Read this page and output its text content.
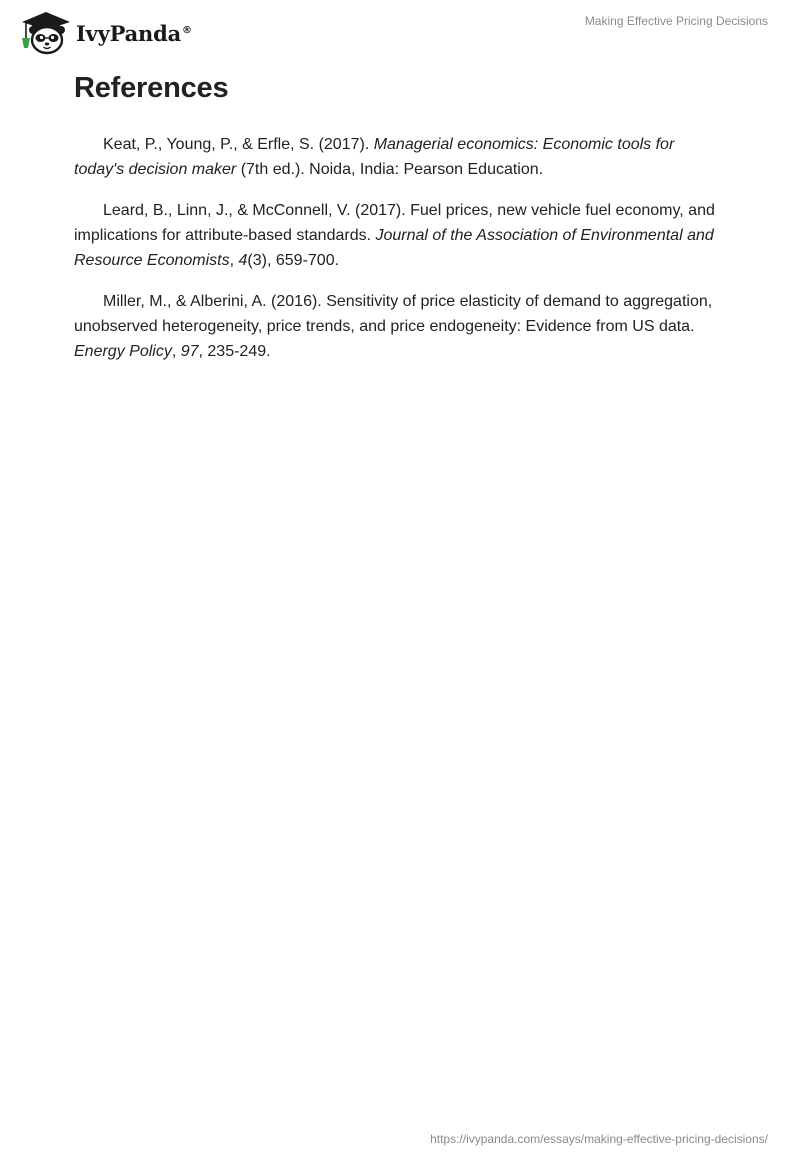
IvyPanda®
Making Effective Pricing Decisions
References

Keat, P., Young, P., & Erfle, S. (2017). Managerial economics: Economic tools for today's decision maker (7th ed.). Noida, India: Pearson Education.

Leard, B., Linn, J., & McConnell, V. (2017). Fuel prices, new vehicle fuel economy, and implications for attribute-based standards. Journal of the Association of Environmental and Resource Economists, 4(3), 659-700.

Miller, M., & Alberini, A. (2016). Sensitivity of price elasticity of demand to aggregation, unobserved heterogeneity, price trends, and price endogeneity: Evidence from US data. Energy Policy, 97, 235-249.

https://ivypanda.com/essays/making-effective-pricing-decisions/
